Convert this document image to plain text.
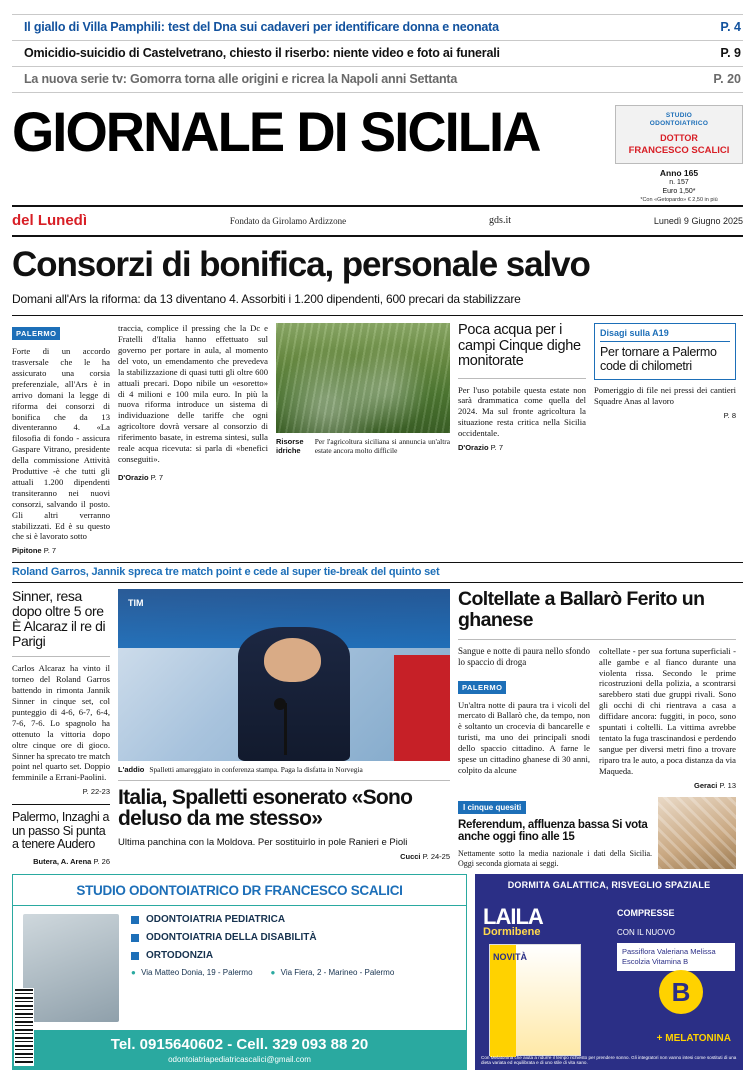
Il giallo di Villa Pamphili: test del Dna sui cadaveri per identificare donna e neonata	P. 4
Omicidio-suicidio di Castelvetrano, chiesto il riserbo: niente video e foto ai funerali	P. 9
La nuova serie tv: Gomorra torna alle origini e ricrea la Napoli anni Settanta	P. 20
GIORNALE DI SICILIA	STUDIO
ODONTOIATRICO
DOTTOR
FRANCESCO SCALICI
Anno 165
n. 157
Euro 1,50*
*Con «Getopardo» € 2,50 in più
del Lunedì	Fondato da Girolamo Ardizzone	gds.it	Lunedì 9 Giugno 2025
Consorzi di bonifica, personale salvo
Domani all'Ars la riforma: da 13 diventano 4. Assorbiti i 1.200 dipendenti, 600 precari da stabilizzare
PALERMO
Forte di un accordo trasversale che le ha assicurato una corsia preferenziale, all'Ars è in arrivo domani la legge di riforma dei consorzi di bonifica che da 13 diventeranno 4. «La filosofia di fondo - assicura Gaspare Vitrano, presidente della commissione Attività Produttive -è che tutti gli attuali 1.200 dipendenti transiteranno nei nuovi consorzi, salvando il posto. Gli altri verranno stabilizzati. Ed è su questo che si è lavorato sotto
Pipitone P. 7
traccia, complice il pressing che la Dc e Fratelli d'Italia hanno effettuato sul governo per portare in aula, al momento del voto, un emendamento che prevedeva la stabilizzazione di quasi tutti gli oltre 600 attuali precari. Dopo nibile un «esoretto» di 4 milioni e 100 mila euro. In più la nuova riforma introduce un sistema di individuazione delle tariffe che ogni agricoltore dovrà versare al consorzio di riferimento basate, in estrema sintesi, sulla reale acqua ricevuta: si parla di «benefici conseguiti».
Risorse idriche
Per l'agricoltura siciliana si annuncia un'altra estate ancora molto difficile
D'Orazio P. 7
Poca acqua per i campi Cinque dighe monitorate
Per l'uso potabile questa estate non sarà drammatica come quella del 2024. Ma sul fronte agricoltura la situazione resta critica nella Sicilia occidentale.
D'Orazio P. 7
Disagi sulla A19
Per tornare a Palermo code di chilometri
Pomeriggio di file nei pressi dei cantieri Squadre Anas al lavoro
P. 8
Roland Garros, Jannik spreca tre match point e cede al super tie-break del quinto set
Sinner, resa dopo oltre 5 ore È Alcaraz il re di Parigi
Carlos Alcaraz ha vinto il torneo del Roland Garros battendo in rimonta Jannik Sinner in cinque set, col punteggio di 4-6, 6-7, 6-4, 7-6, 7-6. Lo spagnolo ha ottenuto la vittoria dopo oltre cinque ore di gioco. Sinner ha sprecato tre match point nel quarto set. Doppio femminile a Errani-Paolini.
P. 22-23
Palermo, Inzaghi a un passo Si punta a tenere Audero
Butera, A. Arena P. 26
TIM
L'addio Spalletti amareggiato in conferenza stampa. Paga la disfatta in Norvegia
Italia, Spalletti esonerato «Sono deluso da me stesso»
Ultima panchina con la Moldova. Per sostituirlo in pole Ranieri e Pioli
Cucci P. 24-25
Coltellate a Ballarò Ferito un ghanese
Sangue e notte di paura nello sfondo lo spaccio di droga
PALERMO
Un'altra notte di paura tra i vicoli del mercato di Ballarò che, da tempo, non è soltanto un crocevia di bancarelle e turisti, ma uno dei principali snodi dello spaccio cittadino. A farne le spese un cittadino ghanese di 30 anni, colpito da alcune
coltellate - per sua fortuna superficiali - alle gambe e al fianco durante una violenta rissa. Secondo le prime ricostruzioni della polizia, a scontrarsi sarebbero stati due gruppi rivali. Sono gli occhi di chi rientrava a casa a diffidare ancora: fuggiti, in poco, sono spuntati i coltelli. La vittima avrebbe tentato la fuga trascinandosi e perdendo sangue per diversi metri fino a trovare riparo tra le auto, a poca distanza da via Maqueda.
Geraci P. 13
I cinque quesiti
Referendum, affluenza bassa Si vota anche oggi fino alle 15
Nettamente sotto la media nazionale i dati della Sicilia. Oggi seconda giornata ai seggi.
STUDIO ODONTOIATRICO DR FRANCESCO SCALICI
ODONTOIATRIA PEDIATRICA
ODONTOIATRIA DELLA DISABILITÀ
ORTODONZIA
● Via Matteo Donia, 19 - Palermo ● Via Fiera, 2 - Marineo - Palermo
Tel. 0915640602 - Cell. 329 093 88 20
odontoiatriapediatricascalici@gmail.com
DORMITA GALATTICA, RISVEGLIO SPAZIALE
LAILA
Dormibene
NOVITÀ
COMPRESSE
CON IL NUOVO
Passiflora Valeriana Melissa Escolzia Vitamina B
B
+ MELATONINA
Con Melatonina che aiuta a ridurre il tempo richiesto per prendere sonno. Gli integratori non vanno intesi come sostituti di una dieta variata ed equilibrata e di uno stile di vita sano.
